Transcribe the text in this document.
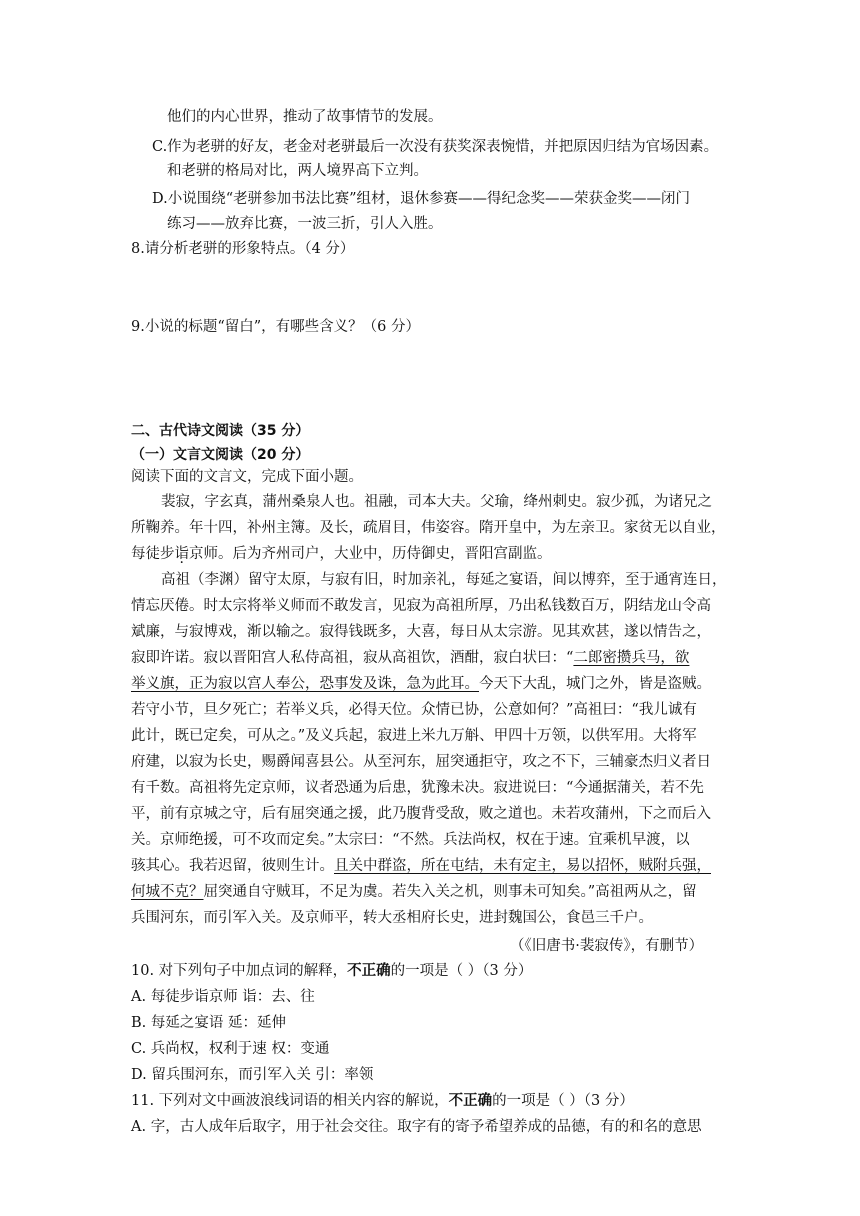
他们的内心世界，推动了故事情节的发展。
C.作为老骈的好友，老金对老骈最后一次没有获奖深表惋惜，并把原因归结为官场因素。
和老骈的格局对比，两人境界高下立判。
D.小说围绕“老骈参加书法比赛”组材，退休参赛——得纪念奖——荣获金奖——闭门
练习——放弃比赛，一波三折，引人入胜。
8.请分析老骈的形象特点。（4 分）
9.小说的标题“留白”，有哪些含义？（6 分）
二、古代诗文阅读（35 分）
（一）文言文阅读（20 分）
阅读下面的文言文，完成下面小题。
裴寂，字玄真，蒲州桑泉人也。祖融，司本大夫。父瑜，绛州刺史。寂少孤，为诸兄之
所鞠养。年十四，补州主簿。及长，疏眉目，伟姿容。隋开皇中，为左亲卫。家贫无以自业，
每徒步诣京师。后为齐州司户，大业中，历侍御史，晋阳宫副监。
高祖（李渊）留守太原，与寂有旧，时加亲礼，每延之宴语，间以博弈，至于通宵连日，
情忘厌倦。时太宗将举义师而不敢发言，见寂为高祖所厚，乃出私钱数百万，阴结龙山令高
斌廉，与寂博戏，渐以输之。寂得钱既多，大喜，每日从太宗游。见其欢甚，遂以情告之，
寂即许诺。寂以晋阳宫人私侍高祖，寂从高祖饮，酒酣，寂白状曰：“二郎密攒兵马，欲
举义旗，正为寂以宫人奉公，恐事发及诛，急为此耳。今天下大乱，城门之外，皆是盗贼。
若守小节，旦夕死亡；若举义兵，必得天位。众情已协，公意如何？”高祖曰：“我儿诚有
此计，既已定矣，可从之。”及义兵起，寂进上米九万斛、甲四十万领，以供军用。大将军
府建，以寂为长史，赐爵闻喜县公。从至河东，屈突通拒守，攻之不下，三辅豪杰归义者日
有千数。高祖将先定京师，议者恐通为后患，犹豫未决。寂进说曰：“今通据蒲关，若不先
平，前有京城之守，后有屈突通之援，此乃腹背受敌，败之道也。未若攻蒲州，下之而后入
关。京师绝援，可不攻而定矣。”太宗曰：“不然。兵法尚权，权在于速。宜乘机早渡，以
骇其心。我若迟留，彼则生计。且关中群盗，所在屯结，未有定主，易以招怀，贼附兵强，
何城不克？屈突通自守贼耳，不足为虞。若失入关之机，则事未可知矣。”高祖两从之，留
兵围河东，而引军入关。及京师平，转大丞相府长史，进封魏国公，食邑三千户。
（《旧唐书·裴寂传》，有删节）
10. 对下列句子中加点词的解释，不正确的一项是（ ）（3 分）
A. 每徒步诣京师 诣：去、往
B. 每延之宴语 延：延伸
C. 兵尚权，权利于速 权：变通
D. 留兵围河东，而引军入关 引：率领
11. 下列对文中画波浪线词语的相关内容的解说，不正确的一项是（ ）（3 分）
A. 字，古人成年后取字，用于社会交往。取字有的寄予希望养成的品德，有的和名的意思
